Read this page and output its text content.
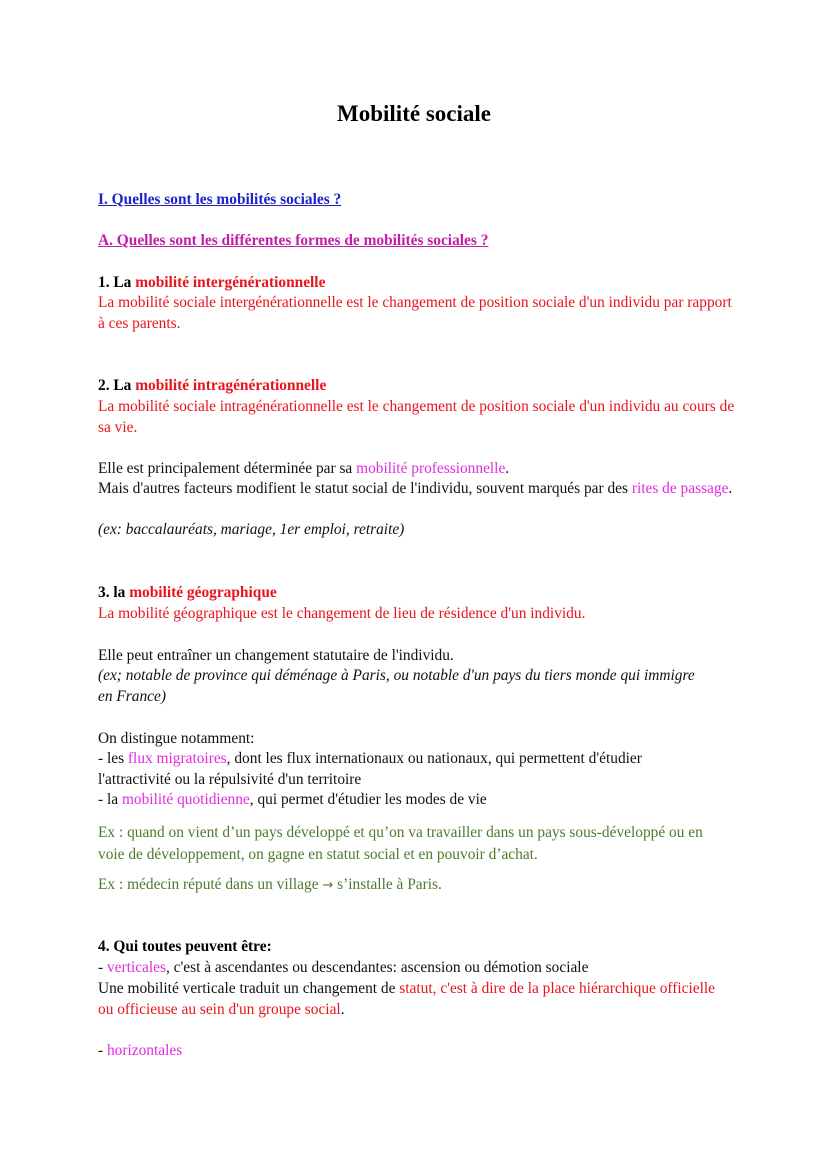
Mobilité sociale
I. Quelles sont les mobilités sociales ?
A. Quelles sont les différentes formes de mobilités sociales ?
1. La mobilité intergénérationnelle
La mobilité sociale intergénérationnelle est le changement de position sociale d'un individu par rapport à ces parents.
2. La mobilité intragénérationnelle
La mobilité sociale intragénérationnelle est le changement de position sociale d'un individu au cours de sa vie.
Elle est principalement déterminée par sa mobilité professionnelle.
Mais d'autres facteurs modifient le statut social de l'individu, souvent marqués par des rites de passage.
(ex: baccalauréats, mariage, 1er emploi, retraite)
3. la mobilité géographique
La mobilité géographique est le changement de lieu de résidence d'un individu.
Elle peut entraîner un changement statutaire de l'individu.
(ex; notable de province qui déménage à Paris, ou notable d'un pays du tiers monde qui immigre en France)
On distingue notamment:
- les flux migratoires, dont les flux internationaux ou nationaux, qui permettent d'étudier l'attractivité ou la répulsivité d'un territoire
- la mobilité quotidienne, qui permet d'étudier les modes de vie
Ex : quand on vient d’un pays développé et qu’on va travailler dans un pays sous-développé ou en voie de développement, on gagne en statut social et en pouvoir d’achat.
Ex : médecin réputé dans un village → s’installe à Paris.
4. Qui toutes peuvent être:
- verticales, c'est à ascendantes ou descendantes: ascension ou démotion sociale
Une mobilité verticale traduit un changement de statut, c'est à dire de la place hiérarchique officielle ou officieuse au sein d'un groupe social.
- horizontales
